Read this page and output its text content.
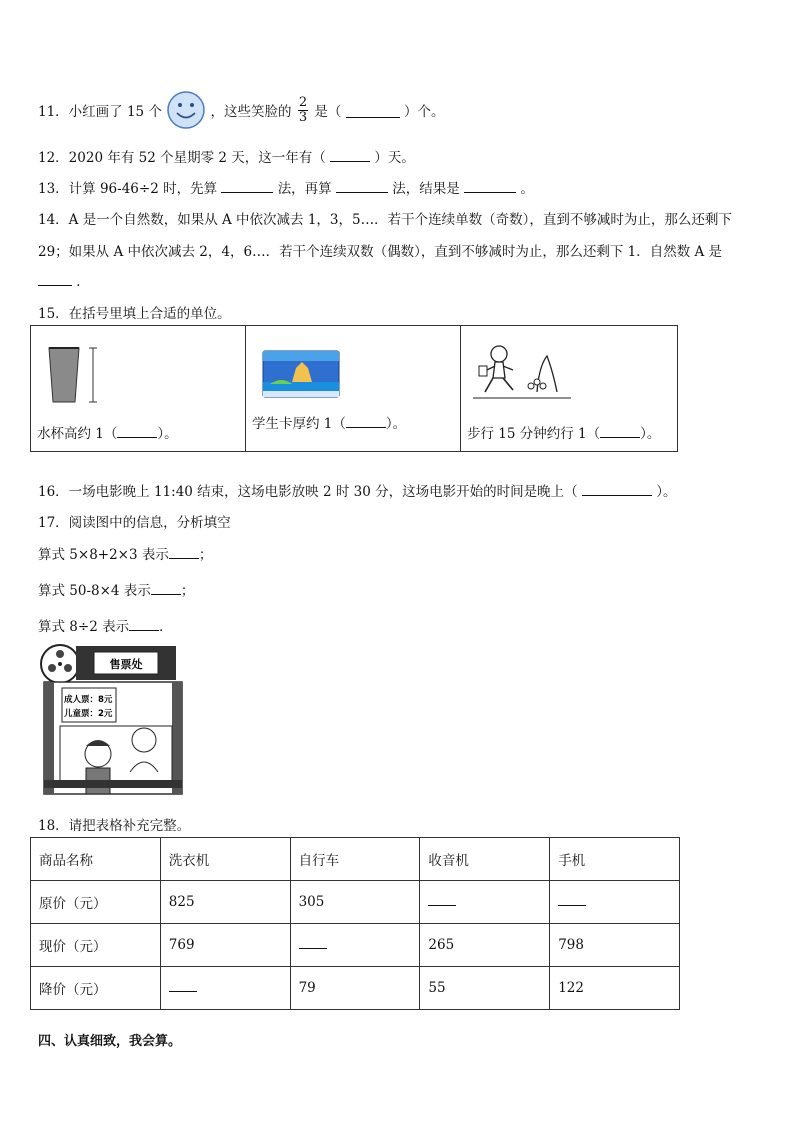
11．小红画了 15 个	，这些笑脸的 $\frac{2}{3}$ 是（	）个。
12．2020 年有 52 个星期零 2 天，这一年有（	）天。
13．计算 96-46÷2 时，先算	法，再算	法，结果是	。
14．A 是一个自然数，如果从 A 中依次减去 1，3，5…．若干个连续单数（奇数），直到不够减时为止，那么还剩下
29；如果从 A 中依次减去 2，4，6…．若干个连续双数（偶数），直到不够减时为止，那么还剩下 1．自然数 A 是
．
15．在括号里填上合适的单位。
水杯高约 1（	）。

学生卡厚约 1（	）。

步行 15 分钟约行 1（	）。
16．一场电影晚上 11:40 结束，这场电影放映 2 时 30 分，这场电影开始的时间是晚上（	）。
17．阅读图中的信息，分析填空
算式 5×8+2×3 表示 ；
算式 50-8×4 表示 ；
算式 8÷2 表示 ．
售票处
成人票：8元
儿童票：2元
18．请把表格补充完整。
商品名称	洗衣机	自行车	收音机	手机
原价（元）	825	305		
现价（元）	769		265	798
降价（元）		79	55	122
四、认真细致，我会算。
